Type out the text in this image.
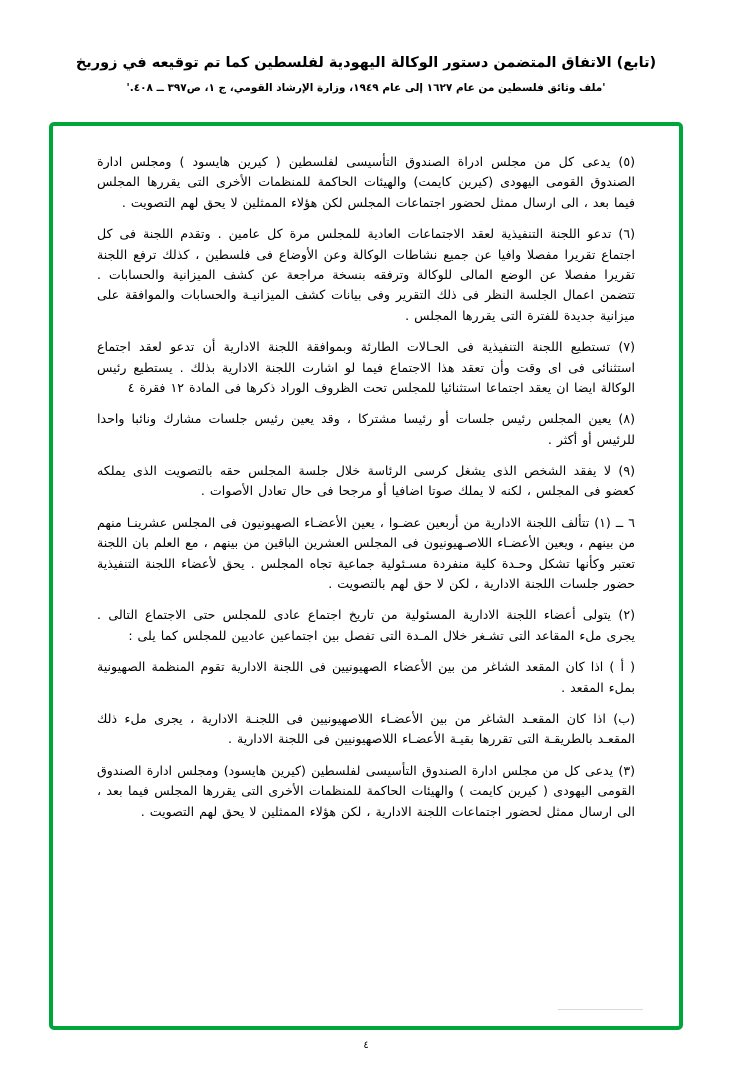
(تابع) الاتفاق المتضمن دستور الوكالة اليهودية لفلسطين كما تم توقيعه في زوريخ
'ملف وثائق فلسطين من عام ١٦٢٧ إلى عام ١٩٤٩، وزارة الإرشاد القومي، ج ١، ص٣٩٧ ــ ٤٠٨.'

(٥) يدعى كل من مجلس ادراة الصندوق التأسيسى لفلسطين ( كيرين هايسود ) ومجلس ادارة الصندوق القومى اليهودى (كيرين كايمت) والهيئات الحاكمة للمنظمات الأخرى التى يقررها المجلس فيما بعد ، الى ارسال ممثل لحضور اجتماعات المجلس لكن هؤلاء الممثلين لا يحق لهم التصويت .

(٦) تدعو اللجنة التنفيذية لعقد الاجتماعات العادية للمجلس مرة كل عامين . وتقدم اللجنة فى كل اجتماع تقريرا مفصلا وافيا عن جميع نشاطات الوكالة وعن الأوضاع فى فلسطين ، كذلك ترفع اللجنة تقريرا مفصلا عن الوضع المالى للوكالة وترفقه بنسخة مراجعة عن كشف الميزانية والحسابات . تتضمن اعمال الجلسة النظر فى ذلك التقرير وفى بيانات كشف الميزانيـة والحسابات والموافقة على ميزانية جديدة للفترة التى يقررها المجلس .

(٧) تستطيع اللجنة التنفيذية فى الحـالات الطارئة وبموافقة اللجنة الادارية أن تدعو لعقد اجتماع استثنائى فى اى وقت وأن تعقد هذا الاجتماع فيما لو اشارت اللجنة الادارية بذلك . يستطيع رئيس الوكالة ايضا ان يعقد اجتماعا استثنائيا للمجلس تحت الظروف الوراد ذكرها فى المادة ١٢ فقرة ٤

(٨) يعين المجلس رئيس جلسات أو رئيسا مشتركا ، وقد يعين رئيس جلسات مشارك ونائبا واحدا للرئيس أو أكثر .

(٩) لا يفقد الشخص الذى يشغل كرسى الرئاسة خلال جلسة المجلس حقه بالتصويت الذى يملكه كعضو فى المجلس ، لكنه لا يملك صوتا اضافيا أو مرجحا فى حال تعادل الأصوات .

٦ ــ (١) تتألف اللجنة الادارية من أربعين عضـوا ، يعين الأعضـاء الصهيونيون فى المجلس عشرينـا منهم من بينهم ، ويعين الأعضـاء اللاصـهيونيون فى المجلس العشرين الباقين من بينهم ، مع العلم بان اللجنة تعتبر وكأنها تشكل وحـدة كلية منفردة مسـئولية جماعية تجاه المجلس . يحق لأعضاء اللجنة التنفيذية حضور جلسات اللجنة الادارية ، لكن لا حق لهم بالتصويت .

(٢) يتولى أعضاء اللجنة الادارية المسئولية من تاريخ اجتماع عادى للمجلس حتى الاجتماع التالى . يجرى ملء المقاعد التى تشـغر خلال المـدة التى تفصل بين اجتماعين عاديين للمجلس كما يلى :

( أ ) اذا كان المقعد الشاغر من بين الأعضاء الصهيونيين فى اللجنة الادارية تقوم المنظمة الصهيونية بملء المقعد .

(ب) اذا كان المقعـد الشاغر من بين الأعضـاء اللاصهيونيين فى اللجنـة الادارية ، يجرى ملء ذلك المقعـد بالطريقـة التى تقررها بقيـة الأعضـاء اللاصهيونيين فى اللجنة الادارية .

(٣) يدعى كل من مجلس ادارة الصندوق التأسيسى لفلسطين (كيرين هايسود) ومجلس ادارة الصندوق القومى اليهودى ( كيرين كايمت ) والهيئات الحاكمة للمنظمات الأخرى التى يقررها المجلس فيما بعد ، الى ارسال ممثل لحضور اجتماعات اللجنة الادارية ، لكن هؤلاء الممثلين لا يحق لهم التصويت .

٤
